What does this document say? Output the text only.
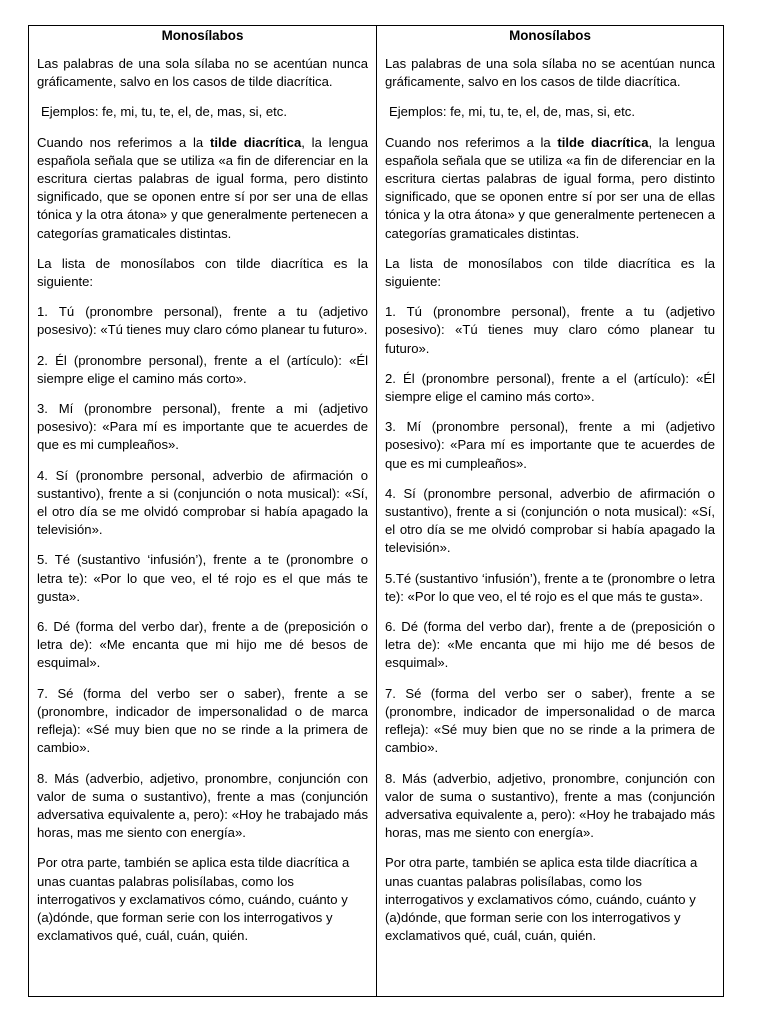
Monosílabos

Las palabras de una sola sílaba no se acentúan nunca gráficamente, salvo en los casos de tilde diacrítica.

Ejemplos: fe, mi, tu, te, el, de, mas, si, etc.

Cuando nos referimos a la tilde diacrítica, la lengua española señala que se utiliza «a fin de diferenciar en la escritura ciertas palabras de igual forma, pero distinto significado, que se oponen entre sí por ser una de ellas tónica y la otra átona» y que generalmente pertenecen a categorías gramaticales distintas.

La lista de monosílabos con tilde diacrítica es la siguiente:

1. Tú (pronombre personal), frente a tu (adjetivo posesivo): «Tú tienes muy claro cómo planear tu futuro».

2. Él (pronombre personal), frente a el (artículo): «Él siempre elige el camino más corto».

3. Mí (pronombre personal), frente a mi (adjetivo posesivo): «Para mí es importante que te acuerdes de que es mi cumpleaños».

4. Sí (pronombre personal, adverbio de afirmación o sustantivo), frente a si (conjunción o nota musical): «Sí, el otro día se me olvidó comprobar si había apagado la televisión».

5. Té (sustantivo ‘infusión’), frente a te (pronombre o letra te): «Por lo que veo, el té rojo es el que más te gusta».

6. Dé (forma del verbo dar), frente a de (preposición o letra de): «Me encanta que mi hijo me dé besos de esquimal».

7. Sé (forma del verbo ser o saber), frente a se (pronombre, indicador de impersonalidad o de marca refleja): «Sé muy bien que no se rinde a la primera de cambio».

8. Más (adverbio, adjetivo, pronombre, conjunción con valor de suma o sustantivo), frente a mas (conjunción adversativa equivalente a, pero): «Hoy he trabajado más horas, mas me siento con energía».

Por otra parte, también se aplica esta tilde diacrítica a unas cuantas palabras polisílabas, como los interrogativos y exclamativos cómo, cuándo, cuánto y (a)dónde, que forman serie con los interrogativos y exclamativos qué, cuál, cuán, quién.

Monosílabos

Las palabras de una sola sílaba no se acentúan nunca gráficamente, salvo en los casos de tilde diacrítica.

Ejemplos: fe, mi, tu, te, el, de, mas, si, etc.

Cuando nos referimos a la tilde diacrítica, la lengua española señala que se utiliza «a fin de diferenciar en la escritura ciertas palabras de igual forma, pero distinto significado, que se oponen entre sí por ser una de ellas tónica y la otra átona» y que generalmente pertenecen a categorías gramaticales distintas.

La lista de monosílabos con tilde diacrítica es la siguiente:

1. Tú (pronombre personal), frente a tu (adjetivo posesivo): «Tú tienes muy claro cómo planear tu futuro».

2. Él (pronombre personal), frente a el (artículo): «Él siempre elige el camino más corto».

3. Mí (pronombre personal), frente a mi (adjetivo posesivo): «Para mí es importante que te acuerdes de que es mi cumpleaños».

4. Sí (pronombre personal, adverbio de afirmación o sustantivo), frente a si (conjunción o nota musical): «Sí, el otro día se me olvidó comprobar si había apagado la televisión».

5.Té (sustantivo ‘infusión’), frente a te (pronombre o letra te): «Por lo que veo, el té rojo es el que más te gusta».

6. Dé (forma del verbo dar), frente a de (preposición o letra de): «Me encanta que mi hijo me dé besos de esquimal».

7. Sé (forma del verbo ser o saber), frente a se (pronombre, indicador de impersonalidad o de marca refleja): «Sé muy bien que no se rinde a la primera de cambio».

8. Más (adverbio, adjetivo, pronombre, conjunción con valor de suma o sustantivo), frente a mas (conjunción adversativa equivalente a, pero): «Hoy he trabajado más horas, mas me siento con energía».

Por otra parte, también se aplica esta tilde diacrítica a unas cuantas palabras polisílabas, como los interrogativos y exclamativos cómo, cuándo, cuánto y (a)dónde, que forman serie con los interrogativos y exclamativos qué, cuál, cuán, quién.
